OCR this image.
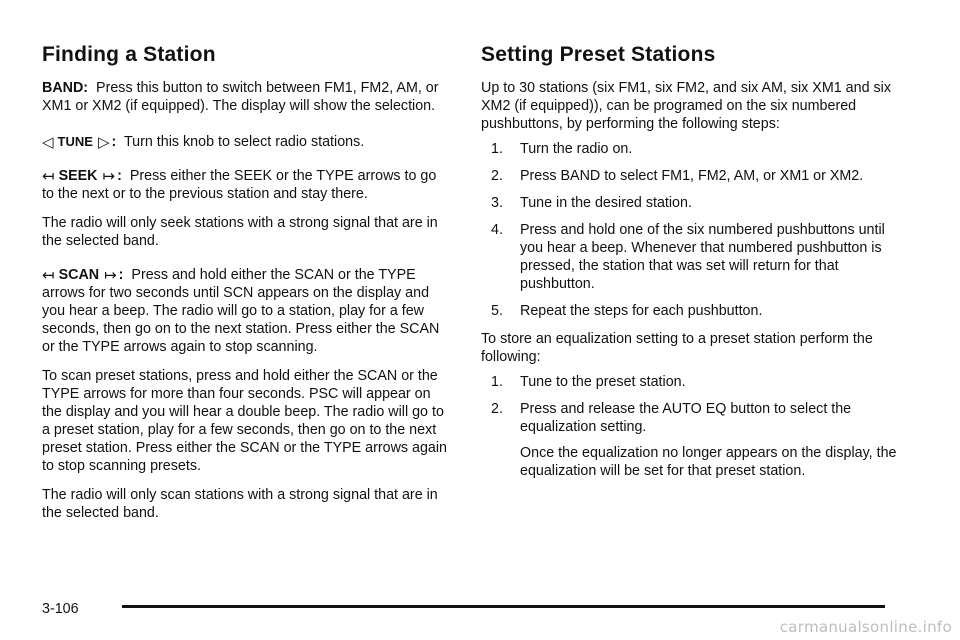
Finding a Station

BAND: Press this button to switch between FM1, FM2, AM, or XM1 or XM2 (if equipped). The display will show the selection.

◁ TUNE ▷ : Turn this knob to select radio stations.

↤ SEEK ↦ : Press either the SEEK or the TYPE arrows to go to the next or to the previous station and stay there.

The radio will only seek stations with a strong signal that are in the selected band.

↤ SCAN ↦ : Press and hold either the SCAN or the TYPE arrows for two seconds until SCN appears on the display and you hear a beep. The radio will go to a station, play for a few seconds, then go on to the next station. Press either the SCAN or the TYPE arrows again to stop scanning.

To scan preset stations, press and hold either the SCAN or the TYPE arrows for more than four seconds. PSC will appear on the display and you will hear a double beep. The radio will go to a preset station, play for a few seconds, then go on to the next preset station. Press either the SCAN or the TYPE arrows again to stop scanning presets.

The radio will only scan stations with a strong signal that are in the selected band.

Setting Preset Stations

Up to 30 stations (six FM1, six FM2, and six AM, six XM1 and six XM2 (if equipped)), can be programed on the six numbered pushbuttons, by performing the following steps:

1. Turn the radio on.
2. Press BAND to select FM1, FM2, AM, or XM1 or XM2.
3. Tune in the desired station.
4. Press and hold one of the six numbered pushbuttons until you hear a beep. Whenever that numbered pushbutton is pressed, the station that was set will return for that pushbutton.
5. Repeat the steps for each pushbutton.

To store an equalization setting to a preset station perform the following:

1. Tune to the preset station.
2. Press and release the AUTO EQ button to select the equalization setting.

Once the equalization no longer appears on the display, the equalization will be set for that preset station.

3-106
carmanualsonline.info
